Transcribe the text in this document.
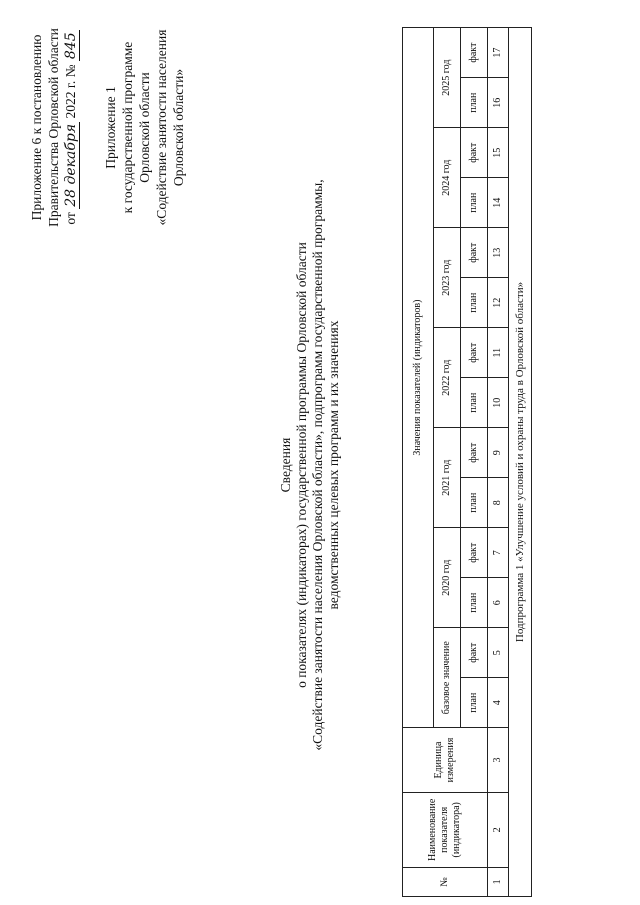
Приложение 6 к постановлению Правительства Орловской области от 28 декабря 2022 г. № 845
Приложение 1 к государственной программе Орловской области «Содействие занятости населения Орловской области»
Сведения о показателях (индикаторах) государственной программы Орловской области «Содействие занятости населения Орловской области», подпрограмм государственной программы, ведомственных целевых программ и их значениях
№	Наименование показателя (индикатора)	Единица измерения	Значения показателей (индикаторов)													
			базовое значение		2020 год		2021 год		2022 год		2023 год		2024 год		2025 год	
			план	факт	план	факт	план	факт	план	факт	план	факт	план	факт	план	факт
1	2	3	4	5	6	7	8	9	10	11	12	13	14	15	16	17
Подпрограмма 1 «Улучшение условий и охраны труда в Орловской области»																
